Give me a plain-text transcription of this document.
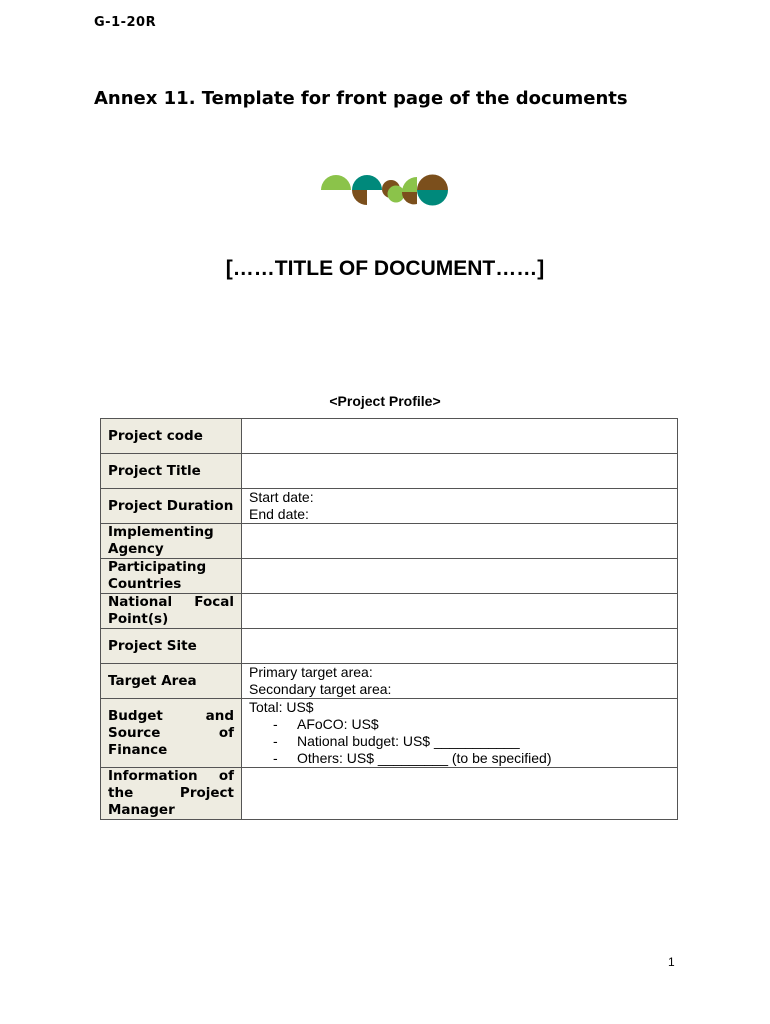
G-1-20R
Annex 11. Template for front page of the documents
[……TITLE OF DOCUMENT……]
<Project Profile>
Project code	
Project Title	
Project Duration	Start date:
End date:

Implementing Agency	
Participating Countries	
National Focal Point(s)	
Project Site	
Target Area	Primary target area:
Secondary target area:

Budget and Source of Finance	Total: US$
- AFoCO: US$
- National budget: US$ ___________
- Others: US$ _________ (to be specified)

Information of the Project Manager	
1
